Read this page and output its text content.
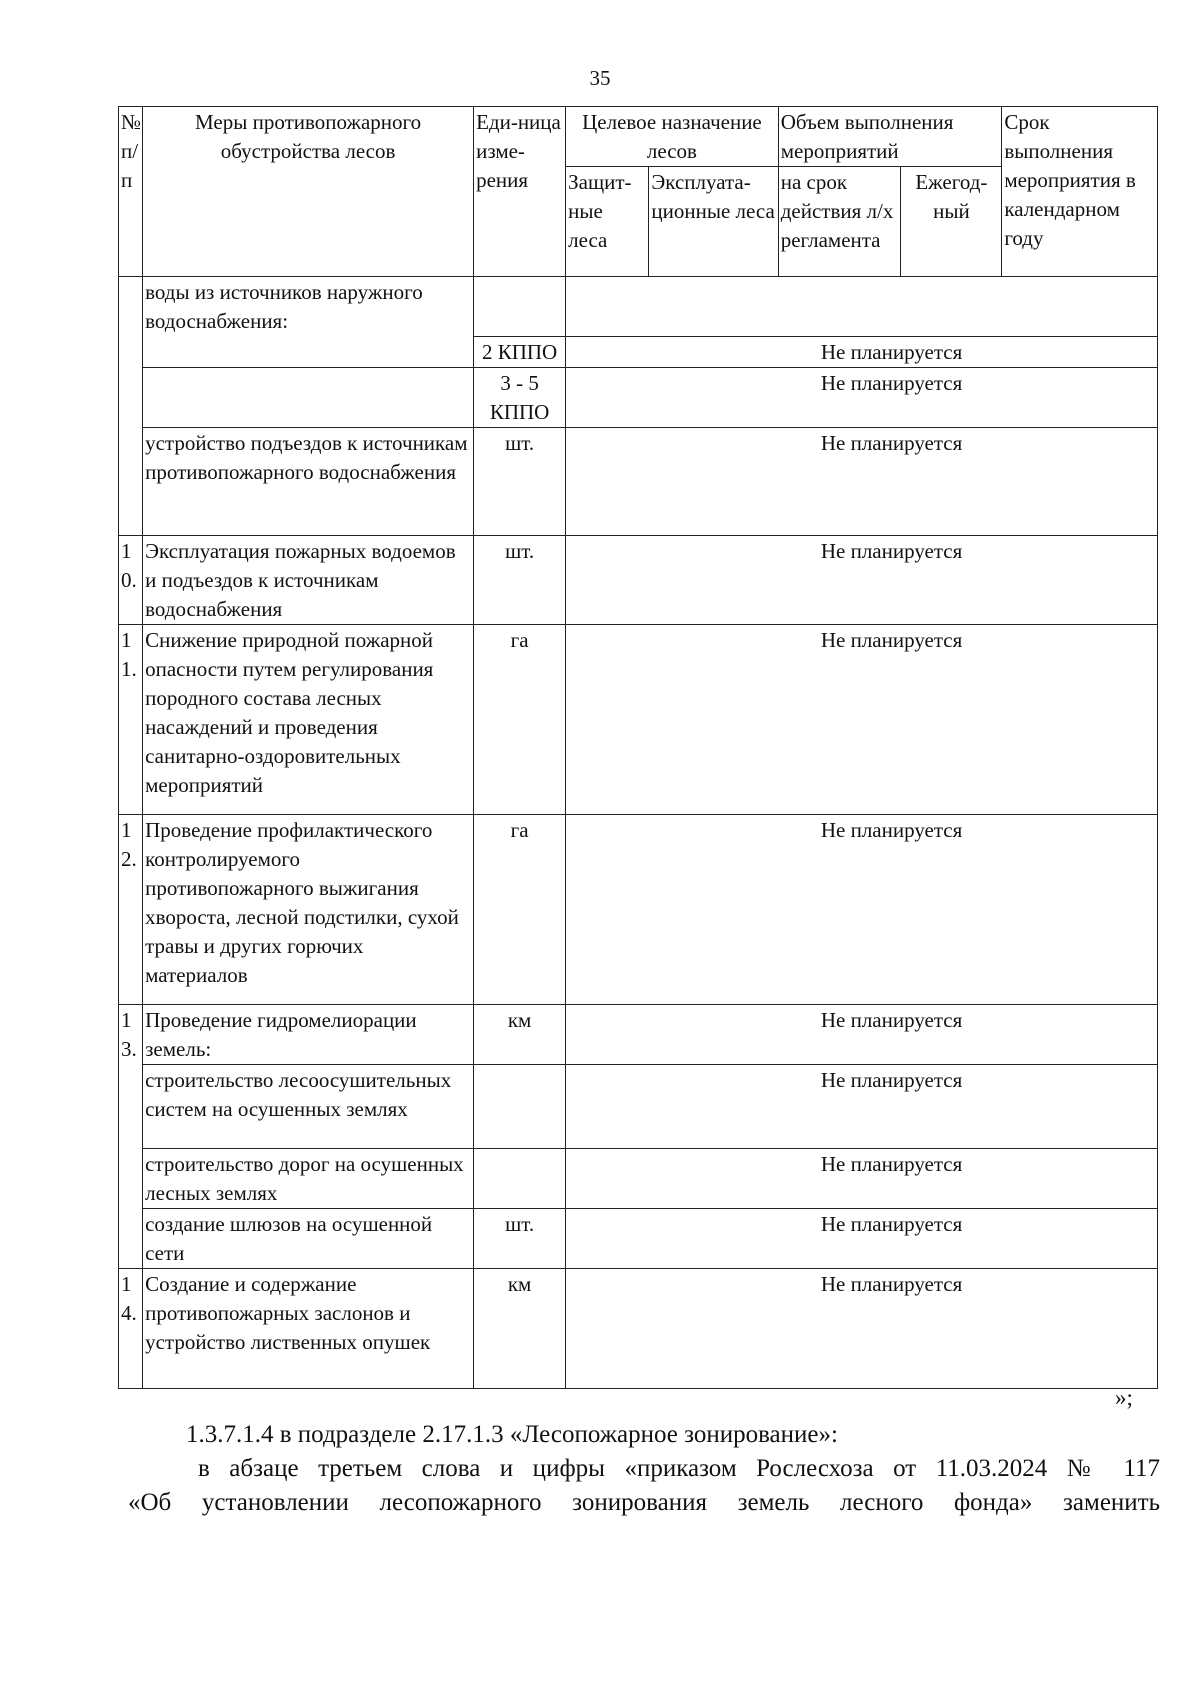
35
№ п/п	Меры противопожарного обустройства лесов	Еди-ница изме-рения	Целевое назначение лесов		Объем выполнения мероприятий		Срок выполнения мероприятия в календарном году
			Защит-ные леса	Эксплуата-ционные леса	на срок действия л/х регламента	Ежегод-ный	
	воды из источников наружного водоснабжения:						
		2 КППО	Не планируется				
		3 - 5 КППО	Не планируется				
	устройство подъездов к источникам противопожарного водоснабжения	шт.	Не планируется				
10.	Эксплуатация пожарных водоемов и подъездов к источникам водоснабжения	шт.	Не планируется				
11.	Снижение природной пожарной опасности путем регулирования породного состава лесных насаждений и проведения санитарно-оздоровительных мероприятий	га	Не планируется				
12.	Проведение профилактического контролируемого противопожарного выжигания хвороста, лесной подстилки, сухой травы и других горючих материалов	га	Не планируется				
13.	Проведение гидромелиорации земель:	км	Не планируется				
	строительство лесоосушительных систем на осушенных землях		Не планируется				
	строительство дорог на осушенных лесных землях		Не планируется				
	создание шлюзов на осушенной сети	шт.	Не планируется				
14.	Создание и содержание противопожарных заслонов и устройство лиственных опушек	км	Не планируется				
»;
1.3.7.1.4 в подразделе 2.17.1.3 «Лесопожарное зонирование»:
в абзаце третьем слова и цифры «приказом Рослесхоза от 11.03.2024 № 117
«Об установлении лесопожарного зонирования земель лесного фонда» заменить
